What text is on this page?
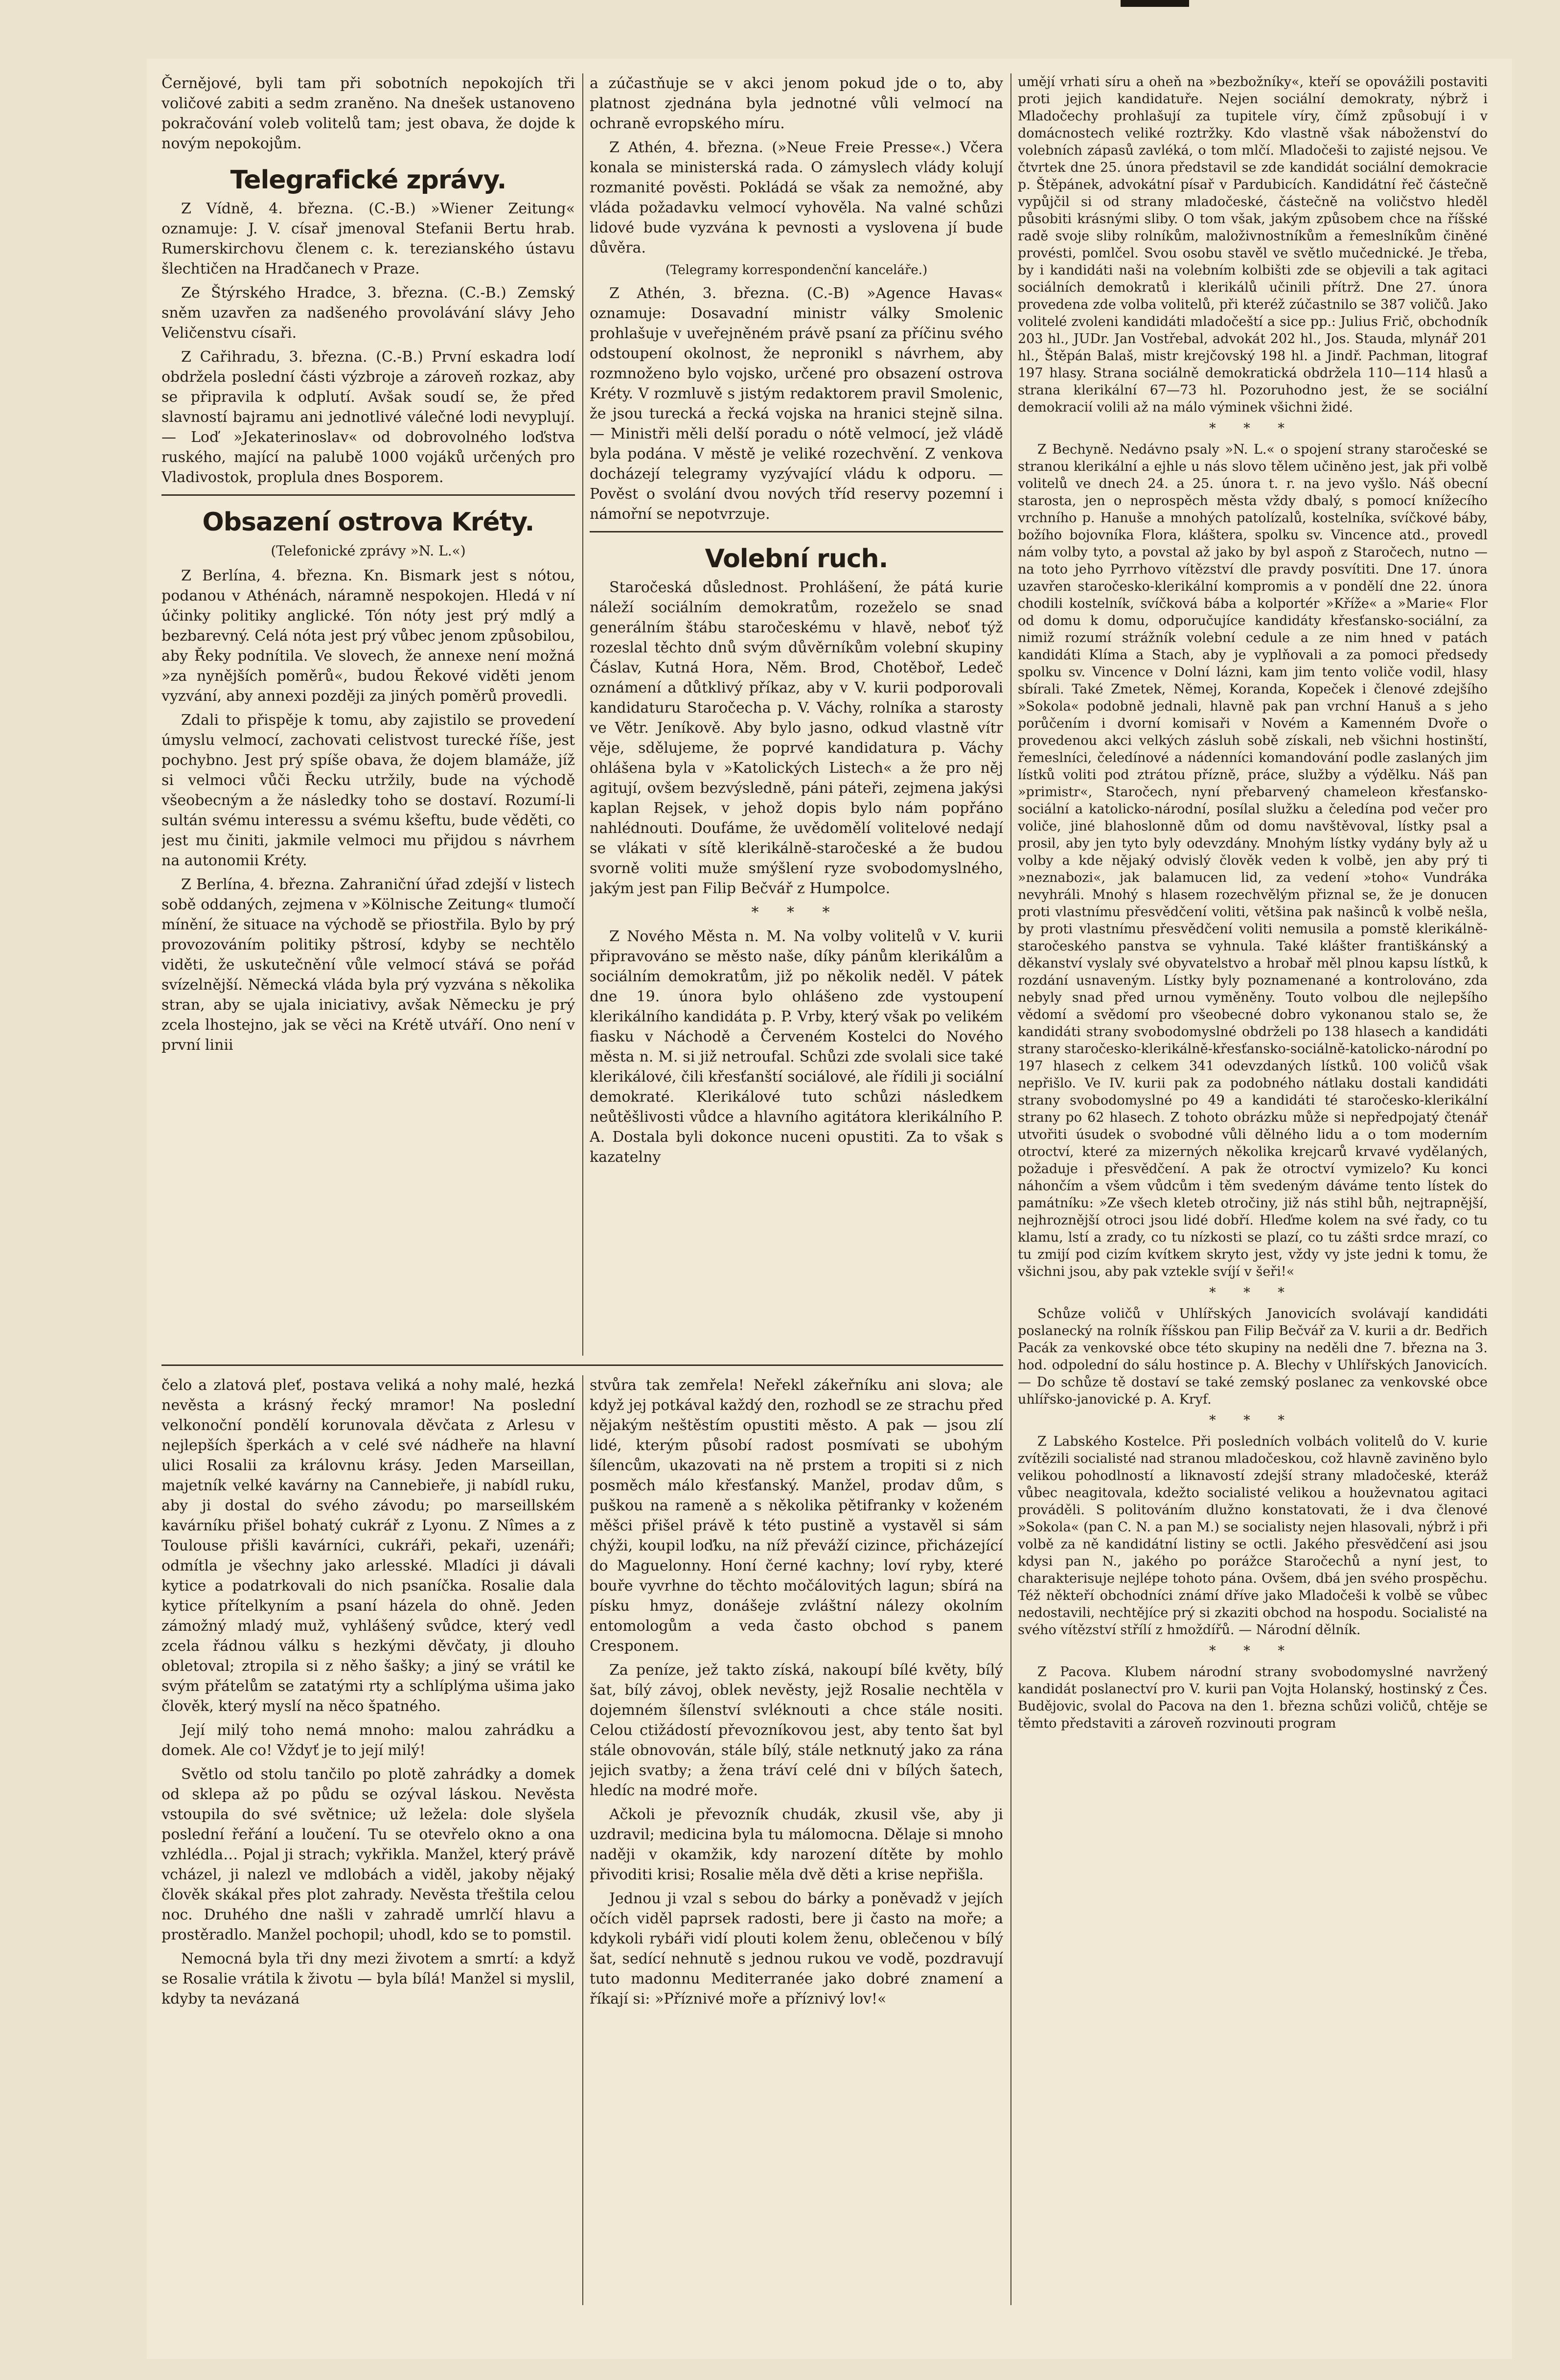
Černějové, byli tam při sobotních nepokojích tři voličové zabiti a sedm zraněno. Na dnešek ustanoveno pokračování voleb volitelů tam; jest obava, že dojde k novým nepokojům.

Telegrafické zprávy.

Z Vídně, 4. března. (C.-B.) »Wiener Zeitung« oznamuje: J. V. císař jmenoval Stefanii Bertu hrab. Rumerskirchovu členem c. k. terezianského ústavu šlechtičen na Hradčanech v Praze.

Ze Štýrského Hradce, 3. března. (C.-B.) Zemský sněm uzavřen za nadšeného provolávání slávy Jeho Veličenstvu císaři.

Z Cařihradu, 3. března. (C.-B.) První eskadra lodí obdržela poslední části výzbroje a zároveň rozkaz, aby se připravila k odplutí. Avšak soudí se, že před slavností bajramu ani jednotlivé válečné lodi nevyplují. — Loď »Jekaterinoslav« od dobrovolného loďstva ruského, mající na palubě 1000 vojáků určených pro Vladivostok, proplula dnes Bosporem.

Obsazení ostrova Kréty.
(Telefonické zprávy »N. L.«)

Z Berlína, 4. března. Kn. Bismark jest s nótou, podanou v Athénách, náramně nespokojen. Hledá v ní účinky politiky anglické. Tón nóty jest prý mdlý a bezbarevný. Celá nóta jest prý vůbec jenom způsobilou, aby Řeky podnítila. Ve slovech, že annexe není možná »za nynějších poměrů«, budou Řekové viděti jenom vyzvání, aby annexi později za jiných poměrů provedli.

Zdali to přispěje k tomu, aby zajistilo se provedení úmyslu velmocí, zachovati celistvost turecké říše, jest pochybno. Jest prý spíše obava, že dojem blamáže, jíž si velmoci vůči Řecku utržily, bude na východě všeobecným a že následky toho se dostaví. Rozumí-li sultán svému interessu a svému kšeftu, bude věděti, co jest mu činiti, jakmile velmoci mu přijdou s návrhem na autonomii Kréty.

Z Berlína, 4. března. Zahraniční úřad zdejší v listech sobě oddaných, zejmena v »Kölnische Zeitung« tlumočí mínění, že situace na východě se přiostřila. Bylo by prý provozováním politiky pštrosí, kdyby se nechtělo viděti, že uskutečnění vůle velmocí stává se pořád svízelnější. Německá vláda byla prý vyzvána s několika stran, aby se ujala iniciativy, avšak Německu je prý zcela lhostejno, jak se věci na Krétě utváří. Ono není v první linii

a zúčastňuje se v akci jenom pokud jde o to, aby platnost zjednána byla jednotné vůli velmocí na ochraně evropského míru.

Z Athén, 4. března. (»Neue Freie Presse«.) Včera konala se ministerská rada. O zámyslech vlády kolují rozmanité pověsti. Pokládá se však za nemožné, aby vláda požadavku velmocí vyhověla. Na valné schůzi lidové bude vyzvána k pevnosti a vyslovena jí bude důvěra.

(Telegramy korrespondenční kanceláře.)

Z Athén, 3. března. (C.-B) »Agence Havas« oznamuje: Dosavadní ministr války Smolenic prohlašuje v uveřejněném právě psaní za příčinu svého odstoupení okolnost, že nepronikl s návrhem, aby rozmnoženo bylo vojsko, určené pro obsazení ostrova Kréty. V rozmluvě s jistým redaktorem pravil Smolenic, že jsou turecká a řecká vojska na hranici stejně silna. — Ministři měli delší poradu o nótě velmocí, jež vládě byla podána. V městě je veliké rozechvění. Z venkova docházejí telegramy vyzývající vládu k odporu. — Pověst o svolání dvou nových tříd reservy pozemní i námořní se nepotvrzuje.

Volební ruch.

Staročeská důslednost. Prohlášení, že pátá kurie náleží sociálním demokratům, rozeželo se snad generálním štábu staročeskému v hlavě, neboť týž rozeslal těchto dnů svým důvěrníkům volební skupiny Čáslav, Kutná Hora, Něm. Brod, Chotěboř, Ledeč oznámení a důtklivý příkaz, aby v V. kurii podporovali kandidaturu Staročecha p. V. Váchy, rolníka a starosty ve Větr. Jeníkově. Aby bylo jasno, odkud vlastně vítr věje, sdělujeme, že poprvé kandidatura p. Váchy ohlášena byla v »Katolických Listech« a že pro něj agitují, ovšem bezvýsledně, páni páteři, zejmena jakýsi kaplan Rejsek, v jehož dopis bylo nám popřáno nahlédnouti. Doufáme, že uvědomělí volitelové nedají se vlákati v sítě klerikálně-staročeské a že budou svorně voliti muže smýšlení ryze svobodomyslného, jakým jest pan Filip Bečvář z Humpolce.

* * *

Z Nového Města n. M. Na volby volitelů v V. kurii připravováno se město naše, díky pánům klerikálům a sociálním demokratům, již po několik neděl. V pátek dne 19. února bylo ohlášeno zde vystoupení klerikálního kandidáta p. P. Vrby, který však po velikém fiasku v Náchodě a Červeném Kostelci do Nového města n. M. si již netroufal. Schůzi zde svolali sice také klerikálové, čili křesťanští sociálové, ale řídili ji sociální demokraté. Klerikálové tuto schůzi následkem neůtěšlivosti vůdce a hlavního agitátora klerikálního P. A. Dostala byli dokonce nuceni opustiti. Za to však s kazatelny

umějí vrhati síru a oheň na »bezbožníky«, kteří se opovážili postaviti proti jejich kandidatuře. Nejen sociální demokraty, nýbrž i Mladočechy prohlašují za tupitele víry, čímž způsobují i v domácnostech veliké roztržky. Kdo vlastně však náboženství do volebních zápasů zavléká, o tom mlčí. Mladočeši to zajisté nejsou. Ve čtvrtek dne 25. února představil se zde kandidát sociální demokracie p. Štěpánek, advokátní písař v Pardubicích. Kandidátní řeč částečně vypůjčil si od strany mladočeské, částečně na voličstvo hleděl působiti krásnými sliby. O tom však, jakým způsobem chce na říšské radě svoje sliby rolníkům, maloživnostníkům a řemeslníkům činěné provésti, pomlčel. Svou osobu stavěl ve světlo mučednické. Je třeba, by i kandidáti naši na volebním kolbišti zde se objevili a tak agitaci sociálních demokratů i klerikálů učinili přítrž. Dne 27. února provedena zde volba volitelů, při kteréž zúčastnilo se 387 voličů. Jako volitelé zvoleni kandidáti mladočeští a sice pp.: Julius Frič, obchodník 203 hl., JUDr. Jan Vostřebal, advokát 202 hl., Jos. Stauda, mlynář 201 hl., Štěpán Balaš, mistr krejčovský 198 hl. a Jindř. Pachman, litograf 197 hlasy. Strana sociálně demokratická obdržela 110—114 hlasů a strana klerikální 67—73 hl. Pozoruhodno jest, že se sociální demokracií volili až na málo výminek všichni židé.

* * *

Z Bechyně. Nedávno psaly »N. L.« o spojení strany staročeské se stranou klerikální a ejhle u nás slovo tělem učiněno jest, jak při volbě volitelů ve dnech 24. a 25. února t. r. na jevo vyšlo. Náš obecní starosta, jen o neprospěch města vždy dbalý, s pomocí knížecího vrchního p. Hanuše a mnohých patolízalů, kostelníka, svíčkové báby, božího bojovníka Flora, kláštera, spolku sv. Vincence atd., provedl nám volby tyto, a povstal až jako by byl aspoň z Staročech, nutno — na toto jeho Pyrrhovo vítězství dle pravdy posvítiti. Dne 17. února uzavřen staročesko-klerikální kompromis a v pondělí dne 22. února chodili kostelník, svíčková bába a kolportér »Kříže« a »Marie« Flor od domu k domu, odporučujíce kandidáty křesťansko-sociální, za nimiž rozumí strážník volební cedule a ze nim hned v patách kandidáti Klíma a Stach, aby je vyplňovali a za pomoci předsedy spolku sv. Vincence v Dolní lázni, kam jim tento voliče vodil, hlasy sbírali. Také Zmetek, Němej, Koranda, Kopeček i členové zdejšího »Sokola« podobně jednali, hlavně pak pan vrchní Hanuš a s jeho porůčením i dvorní komisaři v Novém a Kamenném Dvoře o provedenou akci velkých zásluh sobě získali, neb všichni hostinští, řemeslníci, čeledínové a nádenníci komandování podle zaslaných jim lístků voliti pod ztrátou přízně, práce, služby a výdělku. Náš pan »primistr«, Staročech, nyní přebarvený chameleon křesťansko-sociální a katolicko-národní, posílal služku a čeledína pod večer pro voliče, jiné blahoslonně dům od domu navštěvoval, lístky psal a prosil, aby jen tyto byly odevzdány. Mnohým lístky vydány byly až u volby a kde nějaký odvislý člověk veden k volbě, jen aby prý ti »neznabozi«, jak balamucen lid, za vedení »toho« Vundráka nevyhráli. Mnohý s hlasem rozechvělým přiznal se, že je donucen proti vlastnímu přesvědčení voliti, většina pak našinců k volbě nešla, by proti vlastnímu přesvědčení voliti nemusila a pomstě klerikálně-staročeského panstva se vyhnula. Také klášter františkánský a děkanství vyslaly své obyvatelstvo a hrobař měl plnou kapsu lístků, k rozdání usnaveným. Lístky byly poznamenané a kontrolováno, zda nebyly snad před urnou vyměněny. Touto volbou dle nejlepšího vědomí a svědomí pro všeobecné dobro vykonanou stalo se, že kandidáti strany svobodomyslné obdrželi po 138 hlasech a kandidáti strany staročesko-klerikálně-křesťansko-sociálně-katolicko-národní po 197 hlasech z celkem 341 odevzdaných lístků. 100 voličů však nepřišlo. Ve IV. kurii pak za podobného nátlaku dostali kandidáti strany svobodomyslné po 49 a kandidáti té staročesko-klerikální strany po 62 hlasech. Z tohoto obrázku může si nepředpojatý čtenář utvořiti úsudek o svobodné vůli dělného lidu a o tom moderním otroctví, které za mizerných několika krejcarů krvavé vydělaných, požaduje i přesvědčení. A pak že otroctví vymizelo? Ku konci náhončím a všem vůdcům i těm svedeným dáváme tento lístek do památníku: »Ze všech kleteb otročiny, již nás stihl bůh, nejtrapnější, nejhroznější otroci jsou lidé dobří. Hleďme kolem na své řady, co tu klamu, lstí a zrady, co tu nízkosti se plazí, co tu zášti srdce mrazí, co tu zmijí pod cizím kvítkem skryto jest, vždy vy jste jedni k tomu, že všichni jsou, aby pak vztekle svíjí v šeři!«

* * *

Schůze voličů v Uhlířských Janovicích svolávají kandidáti poslanecký na rolník říšskou pan Filip Bečvář za V. kurii a dr. Bedřich Pacák za venkovské obce této skupiny na neděli dne 7. března na 3. hod. odpolední do sálu hostince p. A. Blechy v Uhlířských Janovicích. — Do schůze tě dostaví se také zemský poslanec za venkovské obce uhlířsko-janovické p. A. Kryf.

* * *

Z Labského Kostelce. Při posledních volbách volitelů do V. kurie zvítězili socialisté nad stranou mladočeskou, což hlavně zaviněno bylo velikou pohodlností a liknavostí zdejší strany mladočeské, kteráž vůbec neagitovala, kdežto socialisté velikou a houževnatou agitaci prováděli. S politováním dlužno konstatovati, že i dva členové »Sokola« (pan C. N. a pan M.) se socialisty nejen hlasovali, nýbrž i při volbě za ně kandidátní listiny se octli. Jakého přesvědčení asi jsou kdysi pan N., jakého po porážce Staročechů a nyní jest, to charakterisuje nejlépe tohoto pána. Ovšem, dbá jen svého prospěchu. Též někteří obchodníci známí dříve jako Mladočeši k volbě se vůbec nedostavili, nechtějíce prý si zkaziti obchod na hospodu. Socialisté na svého vítězství střílí z hmoždířů. — Národní dělník.

* * *

Z Pacova. Klubem národní strany svobodomyslné navržený kandidát poslanectví pro V. kurii pan Vojta Holanský, hostinský z Čes. Budějovic, svolal do Pacova na den 1. března schůzi voličů, chtěje se těmto představiti a zároveň rozvinouti program

čelo a zlatová pleť, postava veliká a nohy malé, hezká nevěsta a krásný řecký mramor! Na poslední velkonoční pondělí korunovala děvčata z Arlesu v nejlepších šperkách a v celé své nádheře na hlavní ulici Rosalii za královnu krásy. Jeden Marseillan, majetník velké kavárny na Cannebieře, ji nabídl ruku, aby ji dostal do svého závodu; po marseillském kavárníku přišel bohatý cukrář z Lyonu. Z Nîmes a z Toulouse přišli kavárníci, cukráři, pekaři, uzenáři; odmítla je všechny jako arlesské. Mladíci ji dávali kytice a podatrkovali do nich psaníčka. Rosalie dala kytice přítelkyním a psaní házela do ohně. Jeden zámožný mladý muž, vyhlášený svůdce, který vedl zcela řádnou válku s hezkými děvčaty, ji dlouho obletoval; ztropila si z něho šašky; a jiný se vrátil ke svým přátelům se zatatými rty a schlíplýma ušima jako člověk, který myslí na něco špatného.

Její milý toho nemá mnoho: malou zahrádku a domek. Ale co! Vždyť je to její milý!

Světlo od stolu tančilo po plotě zahrádky a domek od sklepa až po půdu se ozýval láskou. Nevěsta vstoupila do své světnice; už ležela: dole slyšela poslední řeřání a loučení. Tu se otevřelo okno a ona vzhlédla… Pojal ji strach; vykřikla. Manžel, který právě vcházel, ji nalezl ve mdlobách a viděl, jakoby nějaký člověk skákal přes plot zahrady. Nevěsta třeštila celou noc. Druhého dne našli v zahradě umrlčí hlavu a prostěradlo. Manžel pochopil; uhodl, kdo se to pomstil.

Nemocná byla tři dny mezi životem a smrtí: a když se Rosalie vrátila k životu — byla bílá! Manžel si myslil, kdyby ta nevázaná

stvůra tak zemřela! Neřekl zákeřníku ani slova; ale když jej potkával každý den, rozhodl se ze strachu před nějakým neštěstím opustiti město. A pak — jsou zlí lidé, kterým působí radost posmívati se ubohým šílencům, ukazovati na ně prstem a tropiti si z nich posměch málo křesťanský. Manžel, prodav dům, s puškou na rameně a s několika pětifranky v koženém měšci přišel právě k této pustině a vystavěl si sám chýži, koupil loďku, na níž převáží cizince, přicházející do Maguelonny. Honí černé kachny; loví ryby, které bouře vyvrhne do těchto močálovitých lagun; sbírá na písku hmyz, donášeje zvláštní nálezy okolním entomologům a veda často obchod s panem Cresponem.

Za peníze, jež takto získá, nakoupí bílé květy, bílý šat, bílý závoj, oblek nevěsty, jejž Rosalie nechtěla v dojemném šílenství svléknouti a chce stále nositi. Celou ctižádostí převozníkovou jest, aby tento šat byl stále obnovován, stále bílý, stále netknutý jako za rána jejich svatby; a žena tráví celé dni v bílých šatech, hledíc na modré moře.

Ačkoli je převozník chudák, zkusil vše, aby ji uzdravil; medicina byla tu málomocna. Dělaje si mnoho naději v okamžik, kdy narození dítěte by mohlo přivoditi krisi; Rosalie měla dvě děti a krise nepřišla.

Jednou ji vzal s sebou do bárky a poněvadž v jejích očích viděl paprsek radosti, bere ji často na moře; a kdykoli rybáři vidí plouti kolem ženu, oblečenou v bílý šat, sedící nehnutě s jednou rukou ve vodě, pozdravují tuto madonnu Mediterranée jako dobré znamení a říkají si: »Příznivé moře a příznivý lov!«
